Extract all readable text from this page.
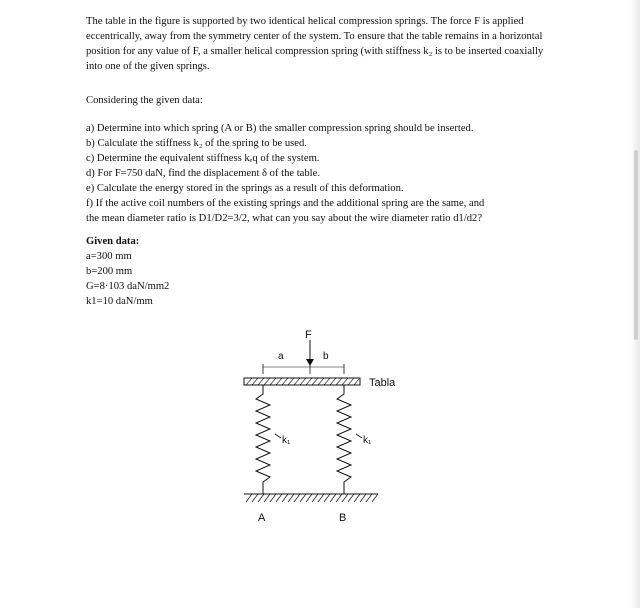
The table in the figure is supported by two identical helical compression springs. The force F is applied eccentrically, away from the symmetry center of the system. To ensure that the table remains in a horizontal position for any value of F, a smaller helical compression spring (with stiffness k₂ is to be inserted coaxially into one of the given springs.

Considering the given data:

a) Determine into which spring (A or B) the smaller compression spring should be inserted.
b) Calculate the stiffness k₂ of the spring to be used.
c) Determine the equivalent stiffness kₑq of the system.
d) For F=750 daN, find the displacement δ of the table.
e) Calculate the energy stored in the springs as a result of this deformation.
f) If the active coil numbers of the existing springs and the additional spring are the same, and
the mean diameter ratio is D1/D2=3/2, what can you say about the wire diameter ratio d1/d2?
Given data:
a=300 mm
b=200 mm
G=8·103 daN/mm2
k1=10 daN/mm
F
a	b
Tabla
k₁	k₁
A	B
